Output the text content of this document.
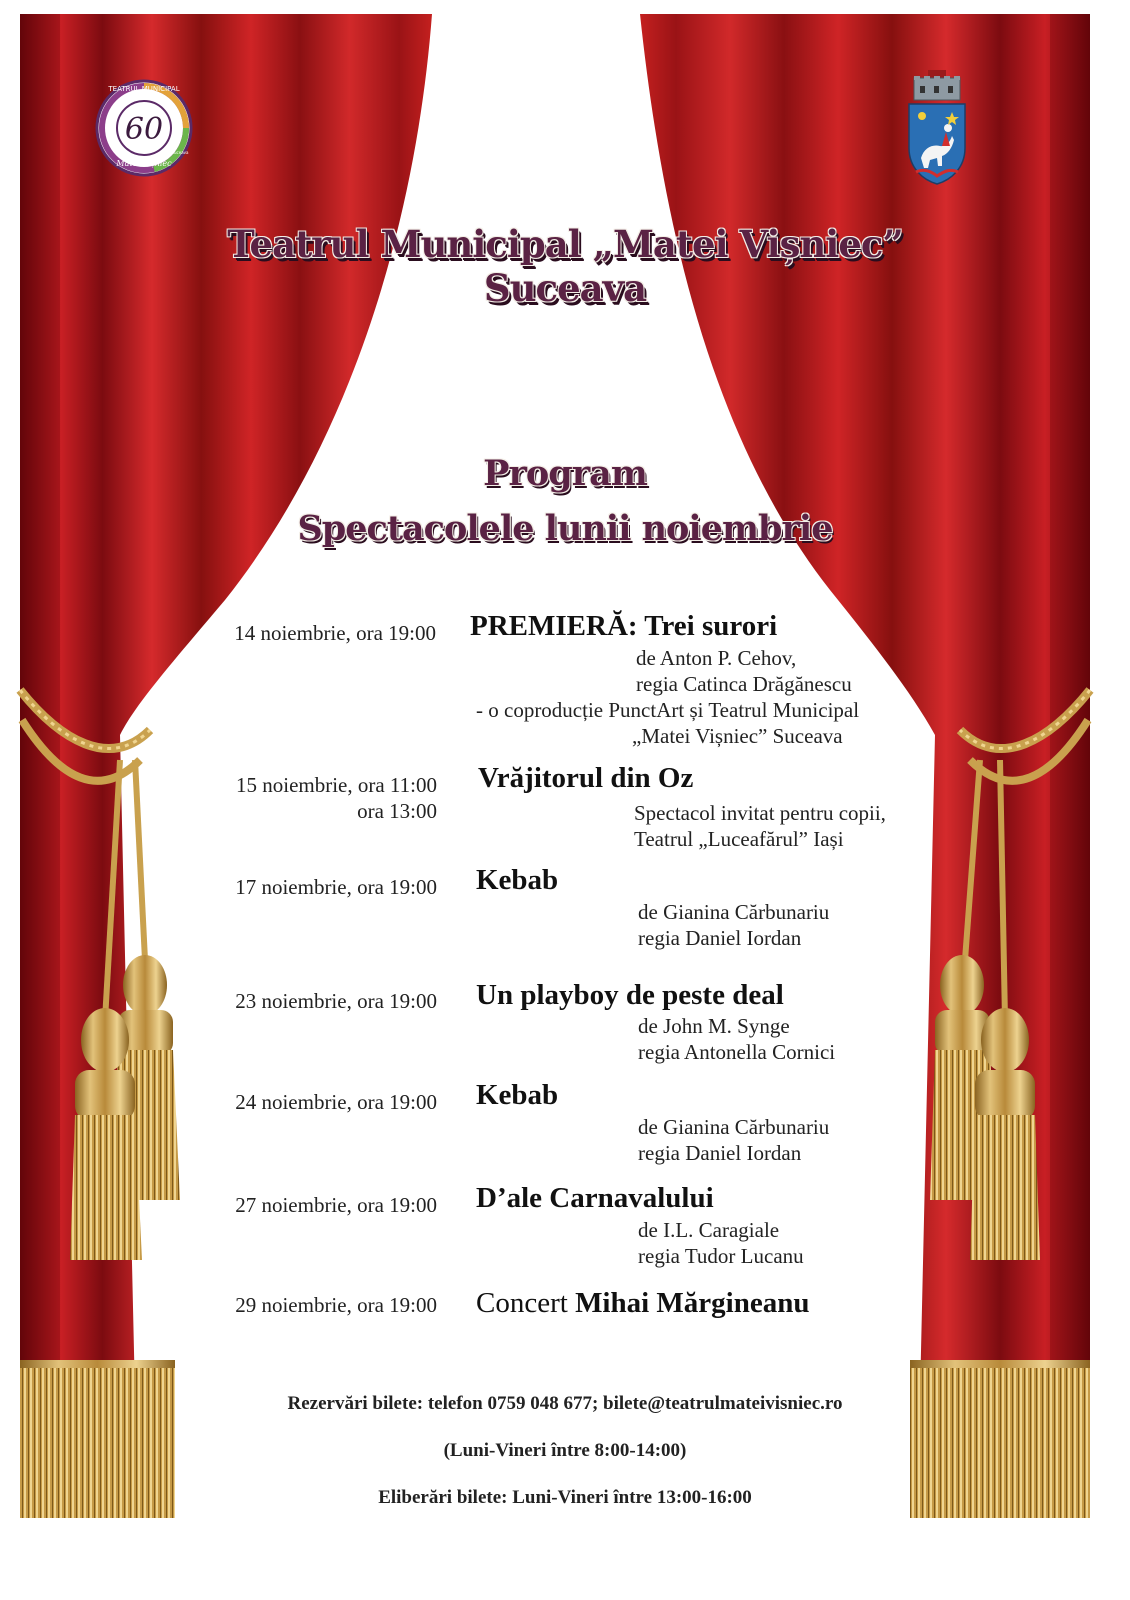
TEATRUL MUNICIPAL
60
Matei Vișniec
Suceava
Teatrul Municipal „Matei Vișniec” Suceava
Program
Spectacolele lunii noiembrie
14 noiembrie, ora 19:00 PREMIERĂ: Trei surori
de Anton P. Cehov,
regia Catinca Drăgănescu
- o coproducție PunctArt și Teatrul Municipal
„Matei Vișniec” Suceava
15 noiembrie, ora 11:00
ora 13:00
Vrăjitorul din Oz
Spectacol invitat pentru copii,
Teatrul „Luceafărul” Iași
17 noiembrie, ora 19:00 Kebab
de Gianina Cărbunariu
regia Daniel Iordan
23 noiembrie, ora 19:00 Un playboy de peste deal
de John M. Synge
regia Antonella Cornici
24 noiembrie, ora 19:00 Kebab
de Gianina Cărbunariu
regia Daniel Iordan
27 noiembrie, ora 19:00 D’ale Carnavalului
de I.L. Caragiale
regia Tudor Lucanu
29 noiembrie, ora 19:00 Concert Mihai Mărgineanu
Rezervări bilete: telefon 0759 048 677; bilete@teatrulmateivisniec.ro
(Luni-Vineri între 8:00-14:00)
Eliberări bilete: Luni-Vineri între 13:00-16:00
